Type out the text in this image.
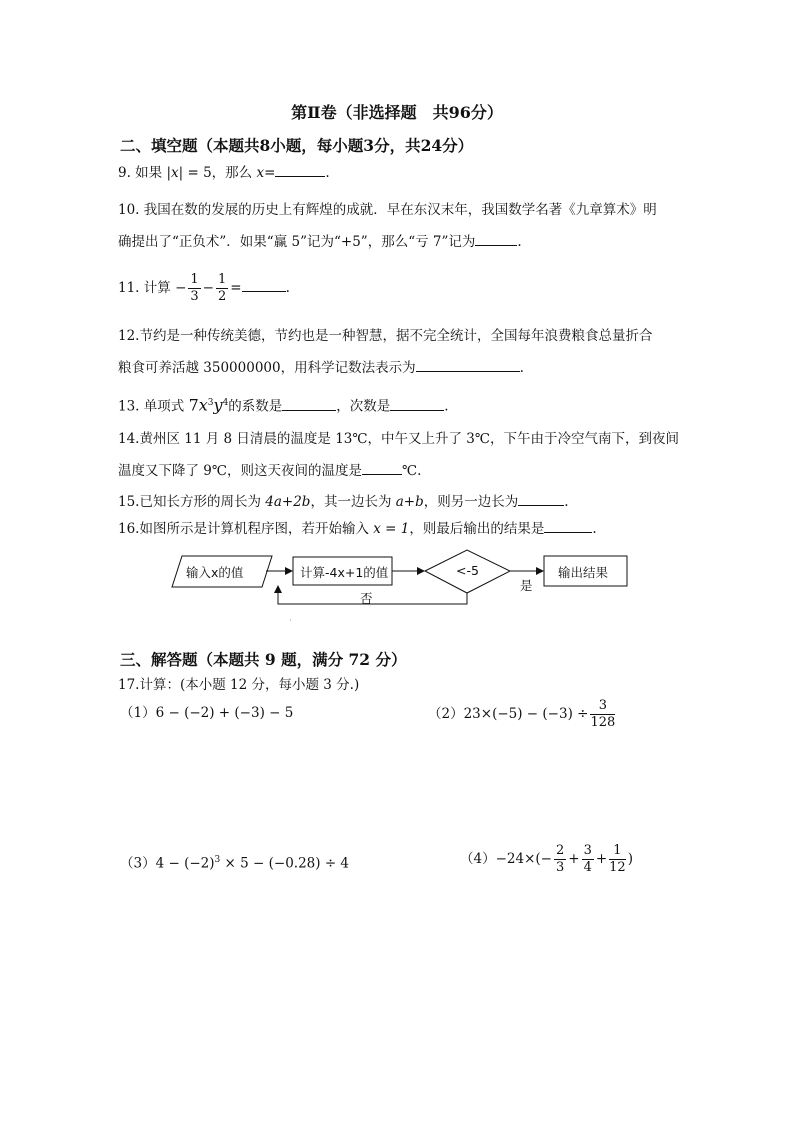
第Ⅱ卷（非选择题　共96分）
二、填空题（本题共8小题，每小题3分，共24分）
9. 如果 |x| = 5，那么 x=	.
10. 我国在数的发展的历史上有辉煌的成就．早在东汉末年，我国数学名著《九章算术》明
确提出了“正负术”．如果“赢 5”记为“+5”，那么“亏 7”记为	.
11. 计算 − $\frac{1}{3} - \frac{1}{2}$ =	.
12.节约是一种传统美德，节约也是一种智慧，据不完全统计，全国每年浪费粮食总量折合
粮食可养活越 350000000，用科学记数法表示为	.
13. 单项式 $7x^3y^4$的系数是	，次数是	.
14.黄州区 11 月 8 日清晨的温度是 13℃，中午又上升了 3℃，下午由于冷空气南下，到夜间
温度又下降了 9℃，则这天夜间的温度是	℃.
15.已知长方形的周长为 4a+2b，其一边长为 a+b，则另一边长为	.
16.如图所示是计算机程序图，若开始输入 x = 1，则最后输出的结果是	.
输入x的值	计算-4x+1的值	<-5
是
输出结果
否
三、解答题（本题共 9 题，满分 72 分）
17.计算：(本小题 12 分，每小题 3 分.)
（1）6 − (−2) + (−3) − 5	$(2)23\times(-5) - (-3) \div \frac{3}{128}$
$(3)4 - (-2)^3 \times 5 - (-0.28) \div 4$	$(4)-24\times(- \frac{2}{3} + \frac{3}{4} + \frac{1}{12}$ )
